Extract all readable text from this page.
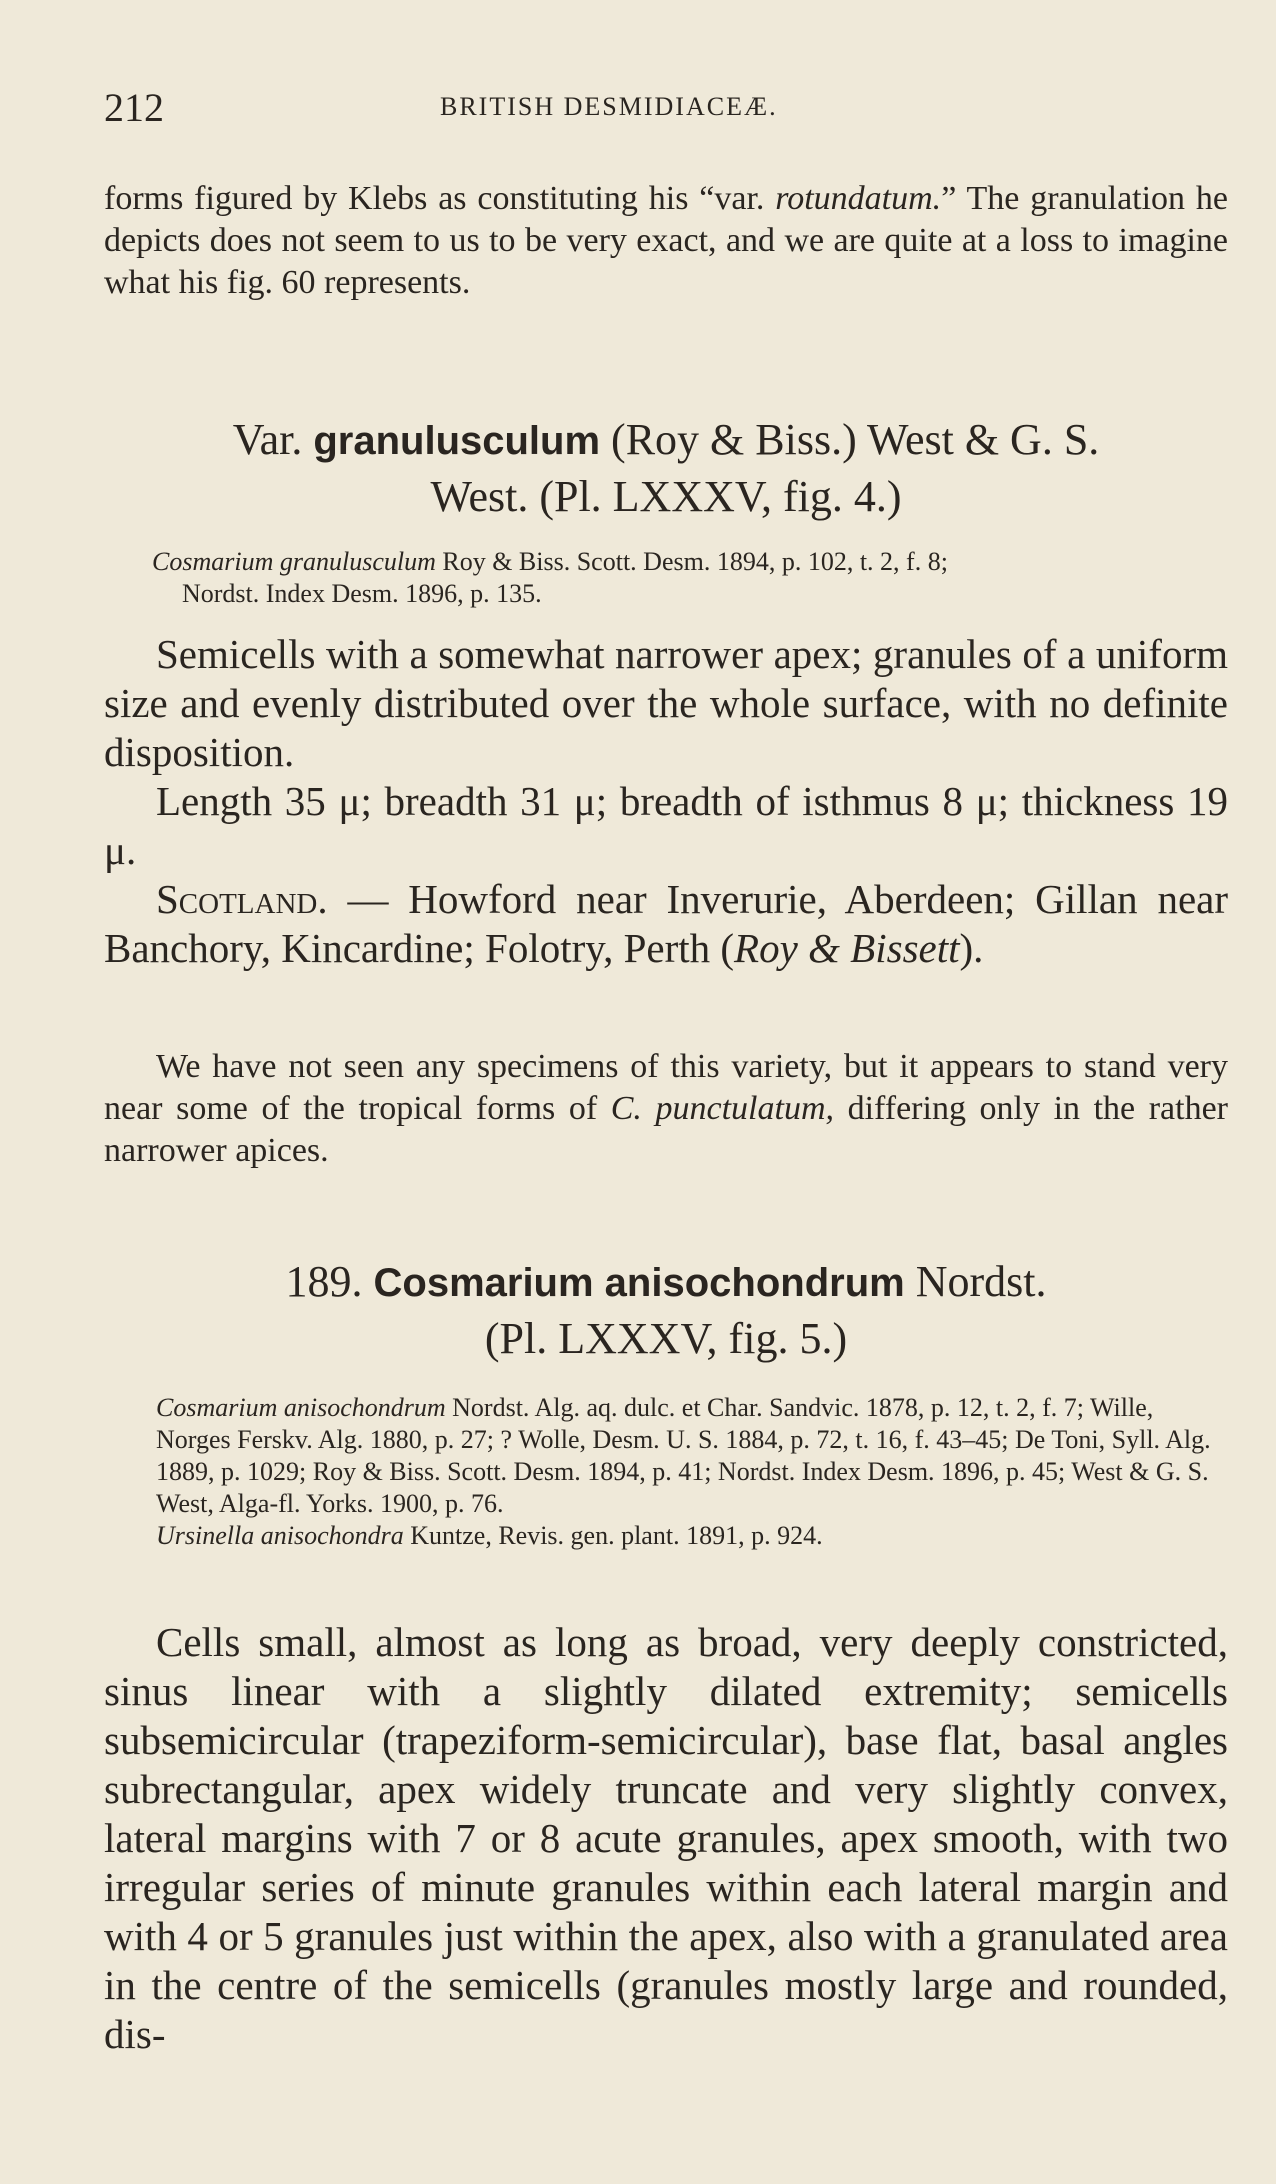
212	BRITISH DESMIDIACEÆ.

forms figured by Klebs as constituting his “var. rotundatum.” The granulation he depicts does not seem to us to be very exact, and we are quite at a loss to imagine what his fig. 60 represents.

Var. granulusculum (Roy & Biss.) West & G. S.
West. (Pl. LXXXV, fig. 4.)
Cosmarium granulusculum Roy & Biss. Scott. Desm. 1894, p. 102, t. 2, f. 8;
Nordst. Index Desm. 1896, p. 135.

Semicells with a somewhat narrower apex; granules of a uniform size and evenly distributed over the whole surface, with no definite disposition.

Length 35 μ; breadth 31 μ; breadth of isthmus 8 μ; thickness 19 μ.

Scotland. — Howford near Inverurie, Aberdeen; Gillan near Banchory, Kincardine; Folotry, Perth (Roy & Bissett).

We have not seen any specimens of this variety, but it appears to stand very near some of the tropical forms of C. punctulatum, differing only in the rather narrower apices.

189. Cosmarium anisochondrum Nordst.
(Pl. LXXXV, fig. 5.)
Cosmarium anisochondrum Nordst. Alg. aq. dulc. et Char. Sandvic. 1878, p. 12, t. 2, f. 7; Wille, Norges Ferskv. Alg. 1880, p. 27; ? Wolle, Desm. U. S. 1884, p. 72, t. 16, f. 43–45; De Toni, Syll. Alg. 1889, p. 1029; Roy & Biss. Scott. Desm. 1894, p. 41; Nordst. Index Desm. 1896, p. 45; West & G. S. West, Alga-fl. Yorks. 1900, p. 76.
Ursinella anisochondra Kuntze, Revis. gen. plant. 1891, p. 924.

Cells small, almost as long as broad, very deeply constricted, sinus linear with a slightly dilated extremity; semicells subsemicircular (trapeziform-semicircular), base flat, basal angles subrectangular, apex widely truncate and very slightly convex, lateral margins with 7 or 8 acute granules, apex smooth, with two irregular series of minute granules within each lateral margin and with 4 or 5 granules just within the apex, also with a granulated area in the centre of the semicells (granules mostly large and rounded, dis-
